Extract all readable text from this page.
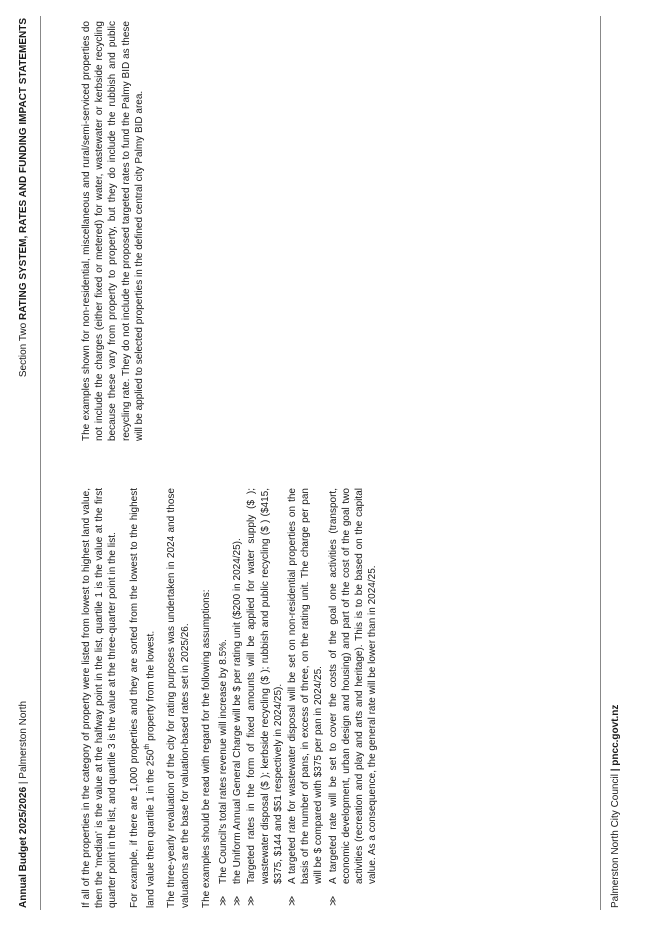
Annual Budget 2025/2026 | Palmerston North
Section Two RATING SYSTEM, RATES AND FUNDING IMPACT STATEMENTS

If all of the properties in the category of property were listed from lowest to highest land value, then the 'median' is the value at the halfway point in the list, quartile 1 is the value at the first quarter point in the list, and quartile 3 is the value at the three-quarter point in the list. For example, if there are 1,000 properties and they are sorted from the lowest to the highest land value then quartile 1 in the 250th property from the lowest. The three-yearly revaluation of the city for rating purposes was undertaken in 2024 and those valuations are the base for valuation-based rates set in 2025/26. The examples should be read with regard for the following assumptions: ≫
The Council's total rates revenue will increase by 8.5%.
≫
the Uniform Annual General Charge will be $ per rating unit ($200 in 2024/25).
≫
Targeted rates in the form of fixed amounts will be applied for water supply ($ ); wastewater disposal ($ ); kerbside recycling ($ ); rubbish and public recycling ($ ) ($415, $375, $144 and $51 respectively in 2024/25).
≫
A targeted rate for wastewater disposal will be set on non-residential properties on the basis of the number of pans, in excess of three, on the rating unit. The charge per pan will be $ compared with $375 per pan in 2024/25.
≫
A targeted rate will be set to cover the costs of the goal one activities (transport, economic development, urban design and housing) and part of the cost of the goal two activities (recreation and play and arts and heritage). This is to be based on the capital value. As a consequence, the general rate will be lower than in 2024/25.

The examples shown for non-residential, miscellaneous and rural/semi-serviced properties do not include the charges (either fixed or metered) for water, wastewater or kerbside recycling because these vary from property to property, but they do include the rubbish and public recycling rate. They do not include the proposed targeted rates to fund the Palmy BID as these will be applied to selected properties in the defined central city Palmy BID area.

Palmerston North City Council | pncc.govt.nz
